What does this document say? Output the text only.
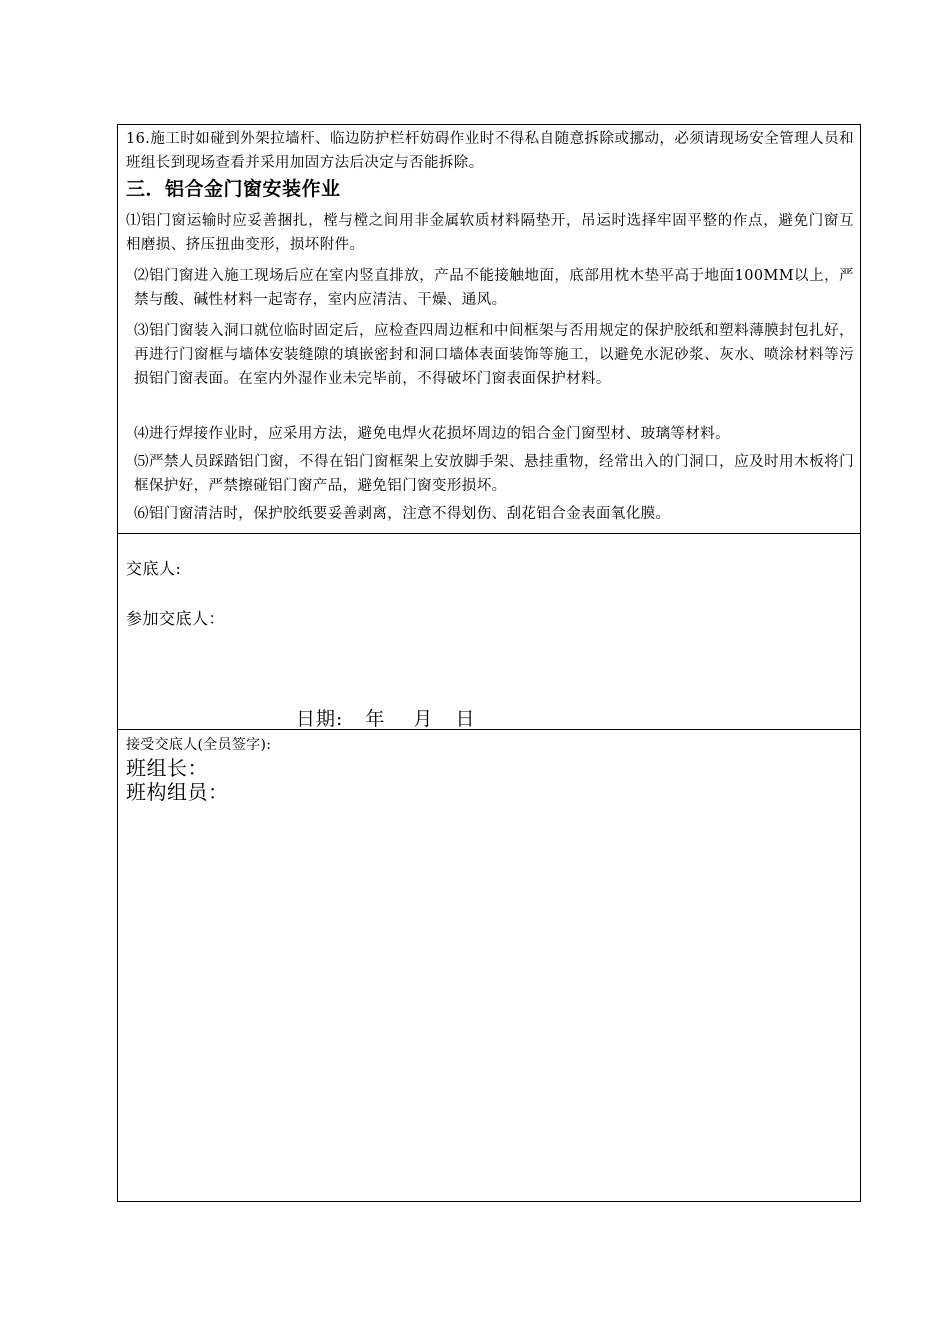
16.施工时如碰到外架拉墙杆、临边防护栏杆妨碍作业时不得私自随意拆除或挪动，必须请现场安全管理人员和班组长到现场查看并采用加固方法后决定与否能拆除。
三．铝合金门窗安装作业
⑴铝门窗运输时应妥善捆扎，樘与樘之间用非金属软质材料隔垫开，吊运时选择牢固平整的作点，避免门窗互相磨损、挤压扭曲变形，损坏附件。
⑵铝门窗进入施工现场后应在室内竖直排放，产品不能接触地面，底部用枕木垫平高于地面100MM以上，严禁与酸、碱性材料一起寄存，室内应清洁、干燥、通风。
⑶铝门窗装入洞口就位临时固定后，应检查四周边框和中间框架与否用规定的保护胶纸和塑料薄膜封包扎好，再进行门窗框与墙体安装缝隙的填嵌密封和洞口墙体表面装饰等施工，以避免水泥砂浆、灰水、喷涂材料等污损铝门窗表面。在室内外湿作业未完毕前，不得破坏门窗表面保护材料。
⑷进行焊接作业时，应采用方法，避免电焊火花损坏周边的铝合金门窗型材、玻璃等材料。
⑸严禁人员踩踏铝门窗，不得在铝门窗框架上安放脚手架、悬挂重物，经常出入的门洞口，应及时用木板将门框保护好，严禁擦碰铝门窗产品，避免铝门窗变形损坏。
⑹铝门窗清洁时，保护胶纸要妥善剥离，注意不得划伤、刮花铝合金表面氧化膜。
交底人:
参加交底人：
日期: 年 月 日
接受交底人(全员签字):
班组长：
班构组员：
